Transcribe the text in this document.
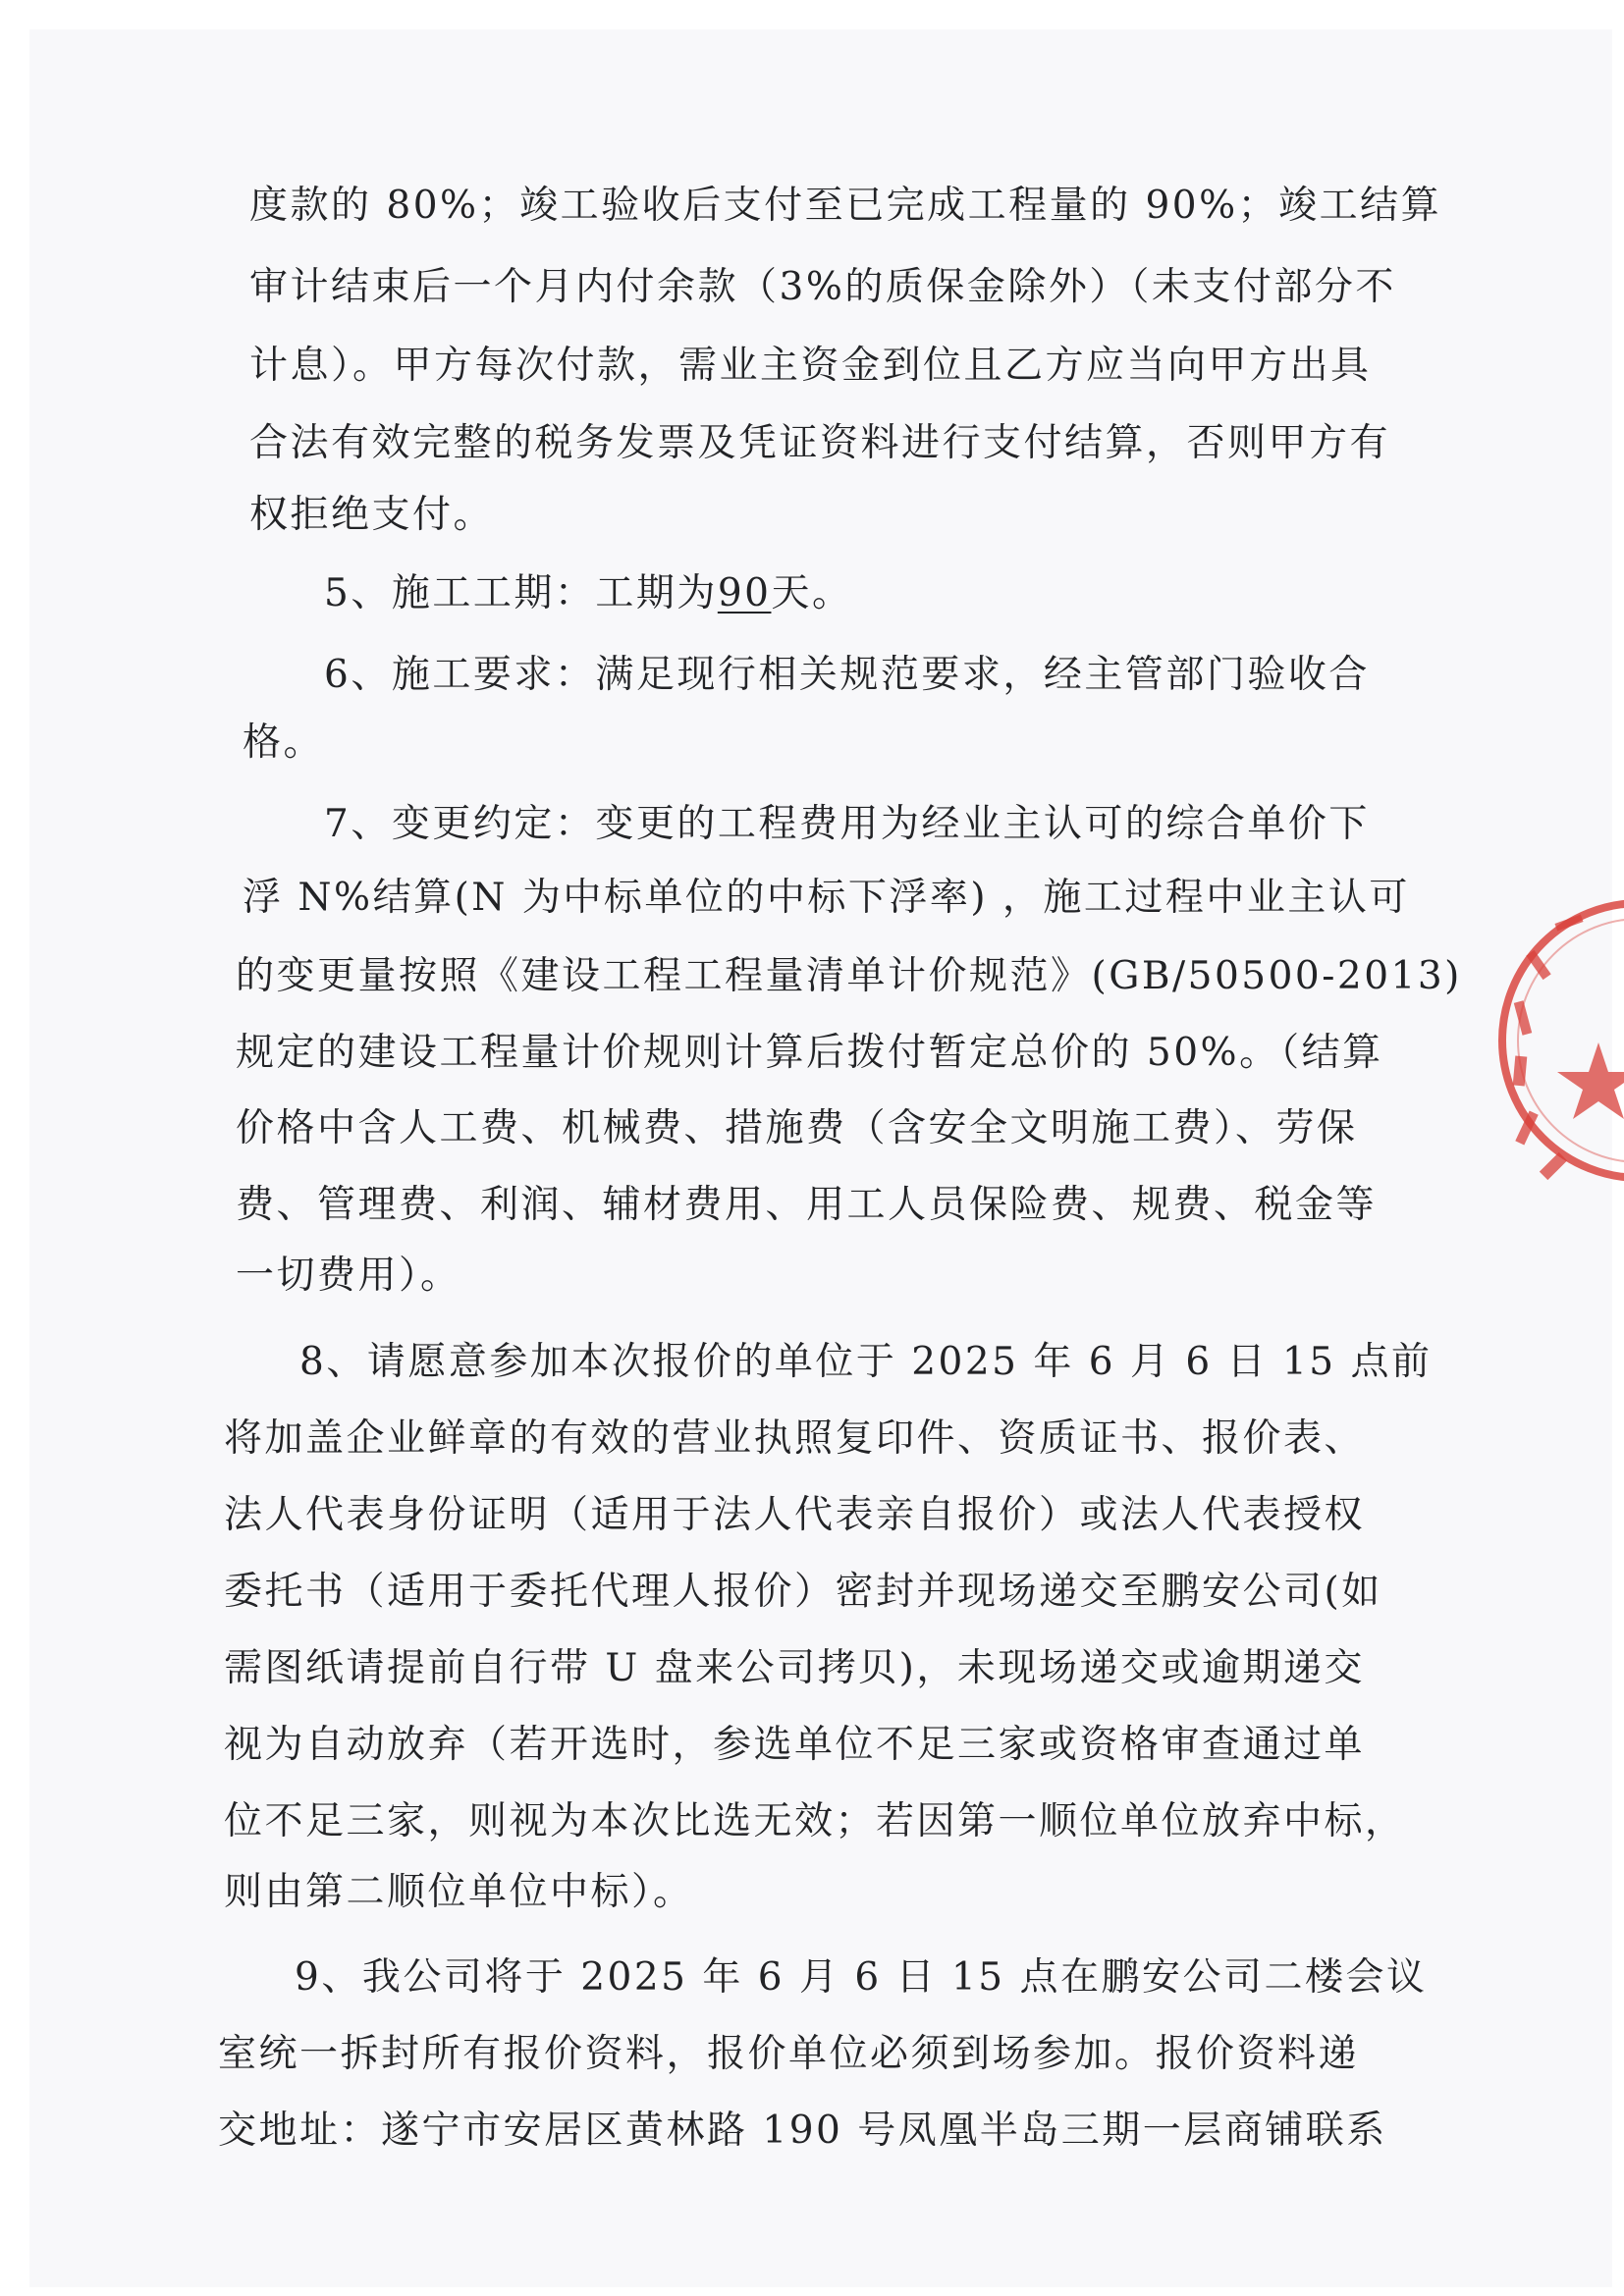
度款的 80%；竣工验收后支付至已完成工程量的 90%；竣工结算
审计结束后一个月内付余款（3%的质保金除外）（未支付部分不
计息）。甲方每次付款，需业主资金到位且乙方应当向甲方出具
合法有效完整的税务发票及凭证资料进行支付结算，否则甲方有
权拒绝支付。
5、施工工期：工期为90天。
6、施工要求：满足现行相关规范要求，经主管部门验收合
格。
7、变更约定：变更的工程费用为经业主认可的综合单价下
浮 N%结算(N 为中标单位的中标下浮率) ，施工过程中业主认可
的变更量按照《建设工程工程量清单计价规范》(GB/50500-2013)
规定的建设工程量计价规则计算后拨付暂定总价的 50%。（结算
价格中含人工费、机械费、措施费（含安全文明施工费）、劳保
费、管理费、利润、辅材费用、用工人员保险费、规费、税金等
一切费用）。
8、请愿意参加本次报价的单位于 2025 年 6 月 6 日 15 点前
将加盖企业鲜章的有效的营业执照复印件、资质证书、报价表、
法人代表身份证明（适用于法人代表亲自报价）或法人代表授权
委托书（适用于委托代理人报价）密封并现场递交至鹏安公司(如
需图纸请提前自行带 U 盘来公司拷贝)，未现场递交或逾期递交
视为自动放弃（若开选时，参选单位不足三家或资格审查通过单
位不足三家，则视为本次比选无效；若因第一顺位单位放弃中标，
则由第二顺位单位中标）。
9、我公司将于 2025 年 6 月 6 日 15 点在鹏安公司二楼会议
室统一拆封所有报价资料，报价单位必须到场参加。报价资料递
交地址：遂宁市安居区黄林路 190 号凤凰半岛三期一层商铺联系
